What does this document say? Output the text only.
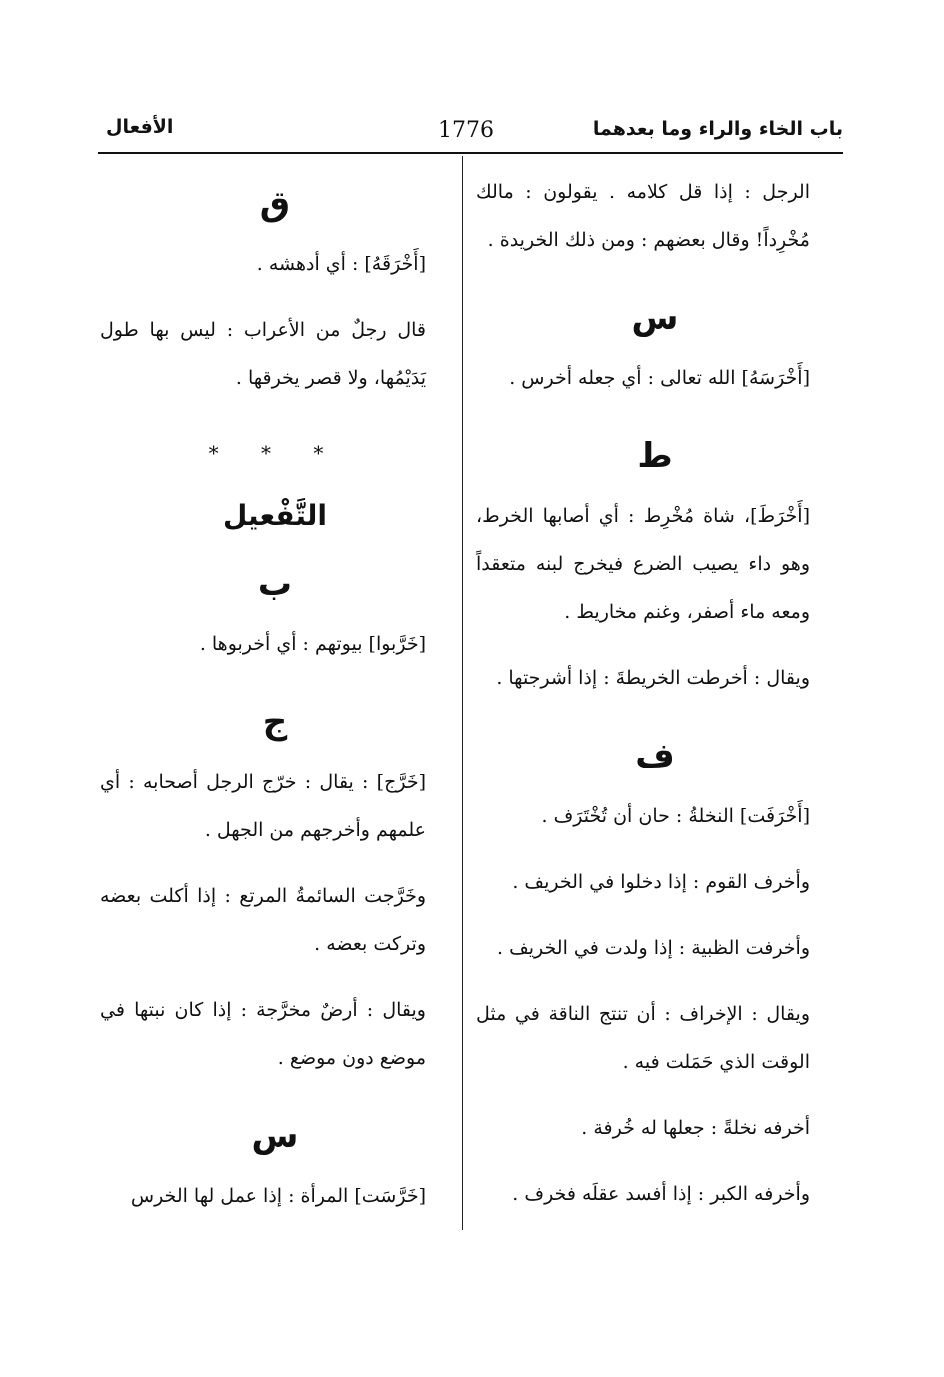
باب الخاء والراء وما بعدهما
1776
الأفعال
الرجل : إذا قل كلامه . يقولون : مالك مُخْرِداً! وقال بعضهم : ومن ذلك الخريدة .
س
[أَخْرَسَهُ] الله تعالى : أي جعله أخرس .
ط
[أَخْرَطَ]، شاة مُخْرِط : أي أصابها الخرط، وهو داء يصيب الضرع فيخرج لبنه متعقداً ومعه ماء أصفر، وغنم مخاريط .
ويقال : أخرطت الخريطةَ : إذا أشرجتها .
ف
[أَخْرَفَت] النخلةُ : حان أن تُخْتَرَف .
وأخرف القوم : إذا دخلوا في الخريف .
وأخرفت الظبية : إذا ولدت في الخريف .
ويقال : الإخراف : أن تنتج الناقة في مثل الوقت الذي حَمَلت فيه .
أخرفه نخلةً : جعلها له خُرفة .
وأخرفه الكبر : إذا أفسد عقلَه فخرف .
ق
[أَخْرَقَهُ] : أي أدهشه .
قال رجلٌ من الأعراب : ليس بها طول يَدَيْمُها، ولا قصر يخرقها .
* * *
التَّفْعيل
ب
[خَرَّبوا] بيوتهم : أي أخربوها .
ج
[خَرَّج] : يقال : خرّج الرجل أصحابه : أي علمهم وأخرجهم من الجهل .
وخَرَّجت السائمةُ المرتع : إذا أكلت بعضه وتركت بعضه .
ويقال : أرضٌ مخرَّجة : إذا كان نبتها في موضع دون موضع .
س
[خَرَّسَت] المرأة : إذا عمل لها الخرس
